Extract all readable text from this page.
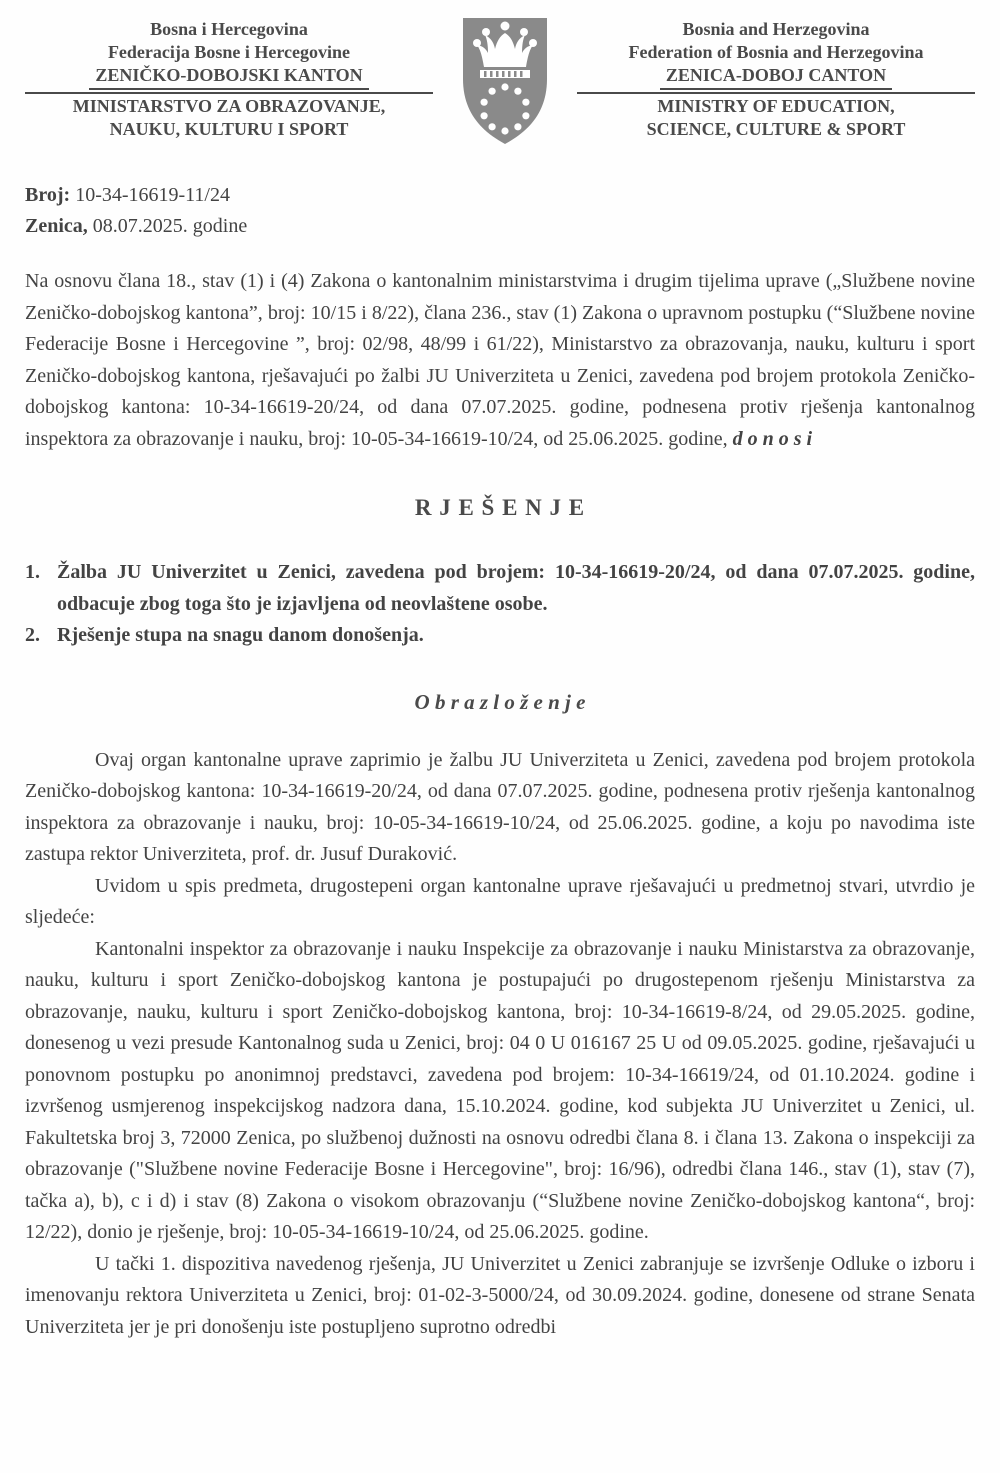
Bosna i Hercegovina
Federacija Bosne i Hercegovine
ZENIČKO-DOBOJSKI KANTON
MINISTARSTVO ZA OBRAZOVANJE,
NAUKU, KULTURU I SPORT
Bosnia and Herzegovina
Federation of Bosnia and Herzegovina
ZENICA-DOBOJ CANTON
MINISTRY OF EDUCATION,
SCIENCE, CULTURE & SPORT
Broj: 10-34-16619-11/24
Zenica, 08.07.2025. godine

Na osnovu člana 18., stav (1) i (4) Zakona o kantonalnim ministarstvima i drugim tijelima uprave („Službene novine Zeničko-dobojskog kantona”, broj: 10/15 i 8/22), člana 236., stav (1) Zakona o upravnom postupku (“Službene novine Federacije Bosne i Hercegovine ”, broj: 02/98, 48/99 i 61/22), Ministarstvo za obrazovanja, nauku, kulturu i sport Zeničko-dobojskog kantona, rješavajući po žalbi JU Univerziteta u Zenici, zavedena pod brojem protokola Zeničko-dobojskog kantona: 10-34-16619-20/24, od dana 07.07.2025. godine, podnesena protiv rješenja kantonalnog inspektora za obrazovanje i nauku, broj: 10-05-34-16619-10/24, od 25.06.2025. godine, d o n o s i

R J E Š E N J E
1. Žalba JU Univerzitet u Zenici, zavedena pod brojem: 10-34-16619-20/24, od dana 07.07.2025. godine, odbacuje zbog toga što je izjavljena od neovlaštene osobe.
2. Rješenje stupa na snagu danom donošenja.
O b r a z l o ž e n j e

Ovaj organ kantonalne uprave zaprimio je žalbu JU Univerziteta u Zenici, zavedena pod brojem protokola Zeničko-dobojskog kantona: 10-34-16619-20/24, od dana 07.07.2025. godine, podnesena protiv rješenja kantonalnog inspektora za obrazovanje i nauku, broj: 10-05-34-16619-10/24, od 25.06.2025. godine, a koju po navodima iste zastupa rektor Univerziteta, prof. dr. Jusuf Duraković.

Uvidom u spis predmeta, drugostepeni organ kantonalne uprave rješavajući u predmetnoj stvari, utvrdio je sljedeće:

Kantonalni inspektor za obrazovanje i nauku Inspekcije za obrazovanje i nauku Ministarstva za obrazovanje, nauku, kulturu i sport Zeničko-dobojskog kantona je postupajući po drugostepenom rješenju Ministarstva za obrazovanje, nauku, kulturu i sport Zeničko-dobojskog kantona, broj: 10-34-16619-8/24, od 29.05.2025. godine, donesenog u vezi presude Kantonalnog suda u Zenici, broj: 04 0 U 016167 25 U od 09.05.2025. godine, rješavajući u ponovnom postupku po anonimnoj predstavci, zavedena pod brojem: 10-34-16619/24, od 01.10.2024. godine i izvršenog usmjerenog inspekcijskog nadzora dana, 15.10.2024. godine, kod subjekta JU Univerzitet u Zenici, ul. Fakultetska broj 3, 72000 Zenica, po službenoj dužnosti na osnovu odredbi člana 8. i člana 13. Zakona o inspekciji za obrazovanje ("Službene novine Federacije Bosne i Hercegovine", broj: 16/96), odredbi člana 146., stav (1), stav (7), tačka a), b), c i d) i stav (8) Zakona o visokom obrazovanju (“Službene novine Zeničko-dobojskog kantona“, broj: 12/22), donio je rješenje, broj: 10-05-34-16619-10/24, od 25.06.2025. godine.

U tački 1. dispozitiva navedenog rješenja, JU Univerzitet u Zenici zabranjuje se izvršenje Odluke o izboru i imenovanju rektora Univerziteta u Zenici, broj: 01-02-3-5000/24, od 30.09.2024. godine, donesene od strane Senata Univerziteta jer je pri donošenju iste postupljeno suprotno odredbi
